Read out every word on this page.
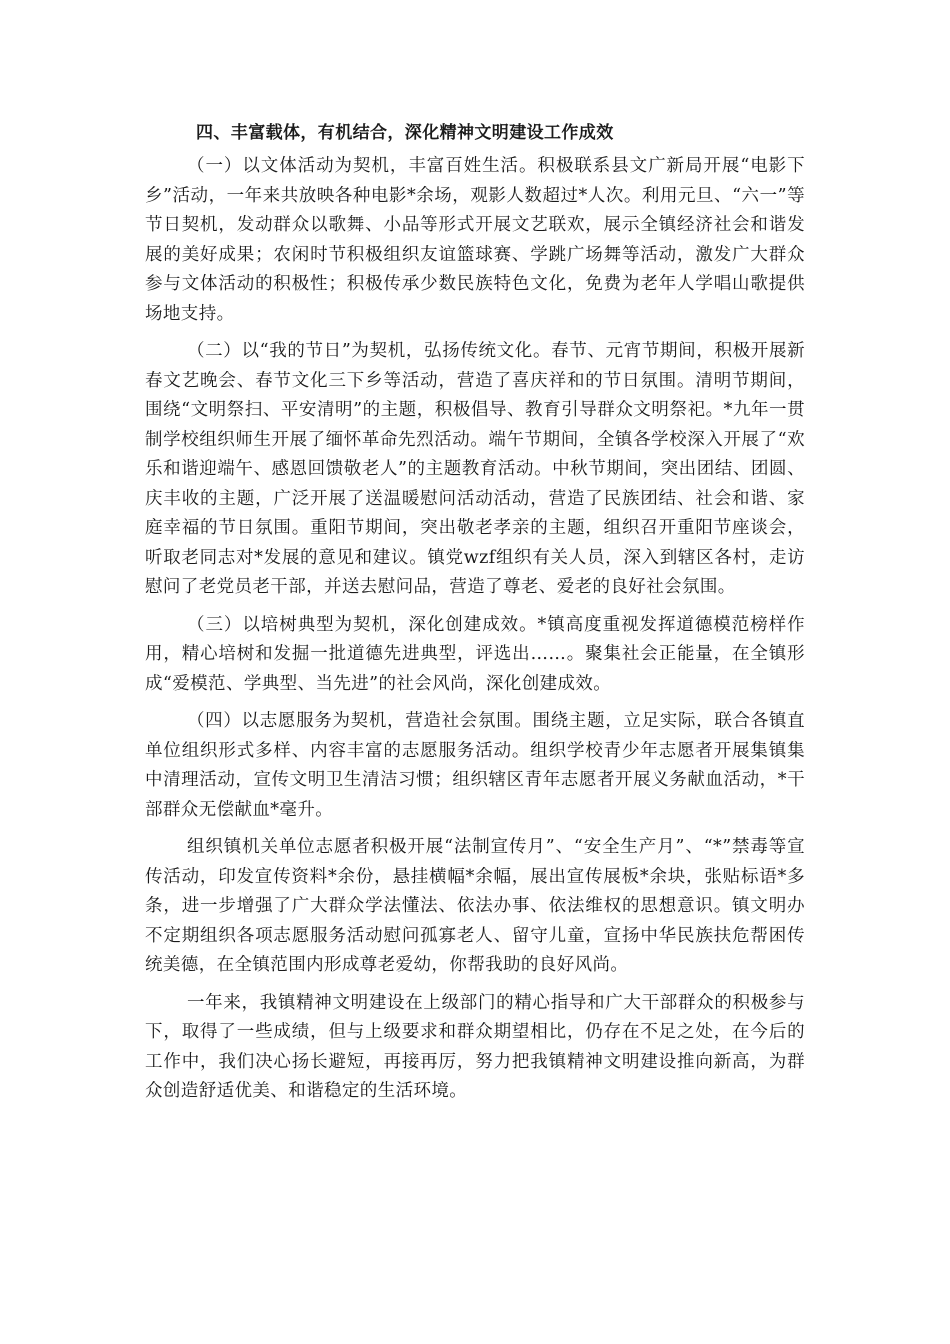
四、丰富载体，有机结合，深化精神文明建设工作成效

（一）以文体活动为契机，丰富百姓生活。积极联系县文广新局开展“电影下乡”活动，一年来共放映各种电影*余场，观影人数超过*人次。利用元旦、“六一”等节日契机，发动群众以歌舞、小品等形式开展文艺联欢，展示全镇经济社会和谐发展的美好成果；农闲时节积极组织友谊篮球赛、学跳广场舞等活动，激发广大群众参与文体活动的积极性；积极传承少数民族特色文化，免费为老年人学唱山歌提供场地支持。

（二）以“我的节日”为契机，弘扬传统文化。春节、元宵节期间，积极开展新春文艺晚会、春节文化三下乡等活动，营造了喜庆祥和的节日氛围。清明节期间，围绕“文明祭扫、平安清明”的主题，积极倡导、教育引导群众文明祭祀。*九年一贯制学校组织师生开展了缅怀革命先烈活动。端午节期间，全镇各学校深入开展了“欢乐和谐迎端午、感恩回馈敬老人”的主题教育活动。中秋节期间，突出团结、团圆、庆丰收的主题，广泛开展了送温暖慰问活动活动，营造了民族团结、社会和谐、家庭幸福的节日氛围。重阳节期间，突出敬老孝亲的主题，组织召开重阳节座谈会，听取老同志对*发展的意见和建议。镇党wzf组织有关人员，深入到辖区各村，走访慰问了老党员老干部，并送去慰问品，营造了尊老、爱老的良好社会氛围。

（三）以培树典型为契机，深化创建成效。*镇高度重视发挥道德模范榜样作用，精心培树和发掘一批道德先进典型，评选出……。聚集社会正能量，在全镇形成“爱模范、学典型、当先进”的社会风尚，深化创建成效。

（四）以志愿服务为契机，营造社会氛围。围绕主题，立足实际，联合各镇直单位组织形式多样、内容丰富的志愿服务活动。组织学校青少年志愿者开展集镇集中清理活动，宣传文明卫生清洁习惯；组织辖区青年志愿者开展义务献血活动，*干部群众无偿献血*毫升。

组织镇机关单位志愿者积极开展“法制宣传月”、“安全生产月”、“*”禁毒等宣传活动，印发宣传资料*余份，悬挂横幅*余幅，展出宣传展板*余块，张贴标语*多条，进一步增强了广大群众学法懂法、依法办事、依法维权的思想意识。镇文明办不定期组织各项志愿服务活动慰问孤寡老人、留守儿童，宣扬中华民族扶危帮困传统美德，在全镇范围内形成尊老爱幼，你帮我助的良好风尚。

一年来，我镇精神文明建设在上级部门的精心指导和广大干部群众的积极参与下，取得了一些成绩，但与上级要求和群众期望相比，仍存在不足之处，在今后的工作中，我们决心扬长避短，再接再厉，努力把我镇精神文明建设推向新高，为群众创造舒适优美、和谐稳定的生活环境。
